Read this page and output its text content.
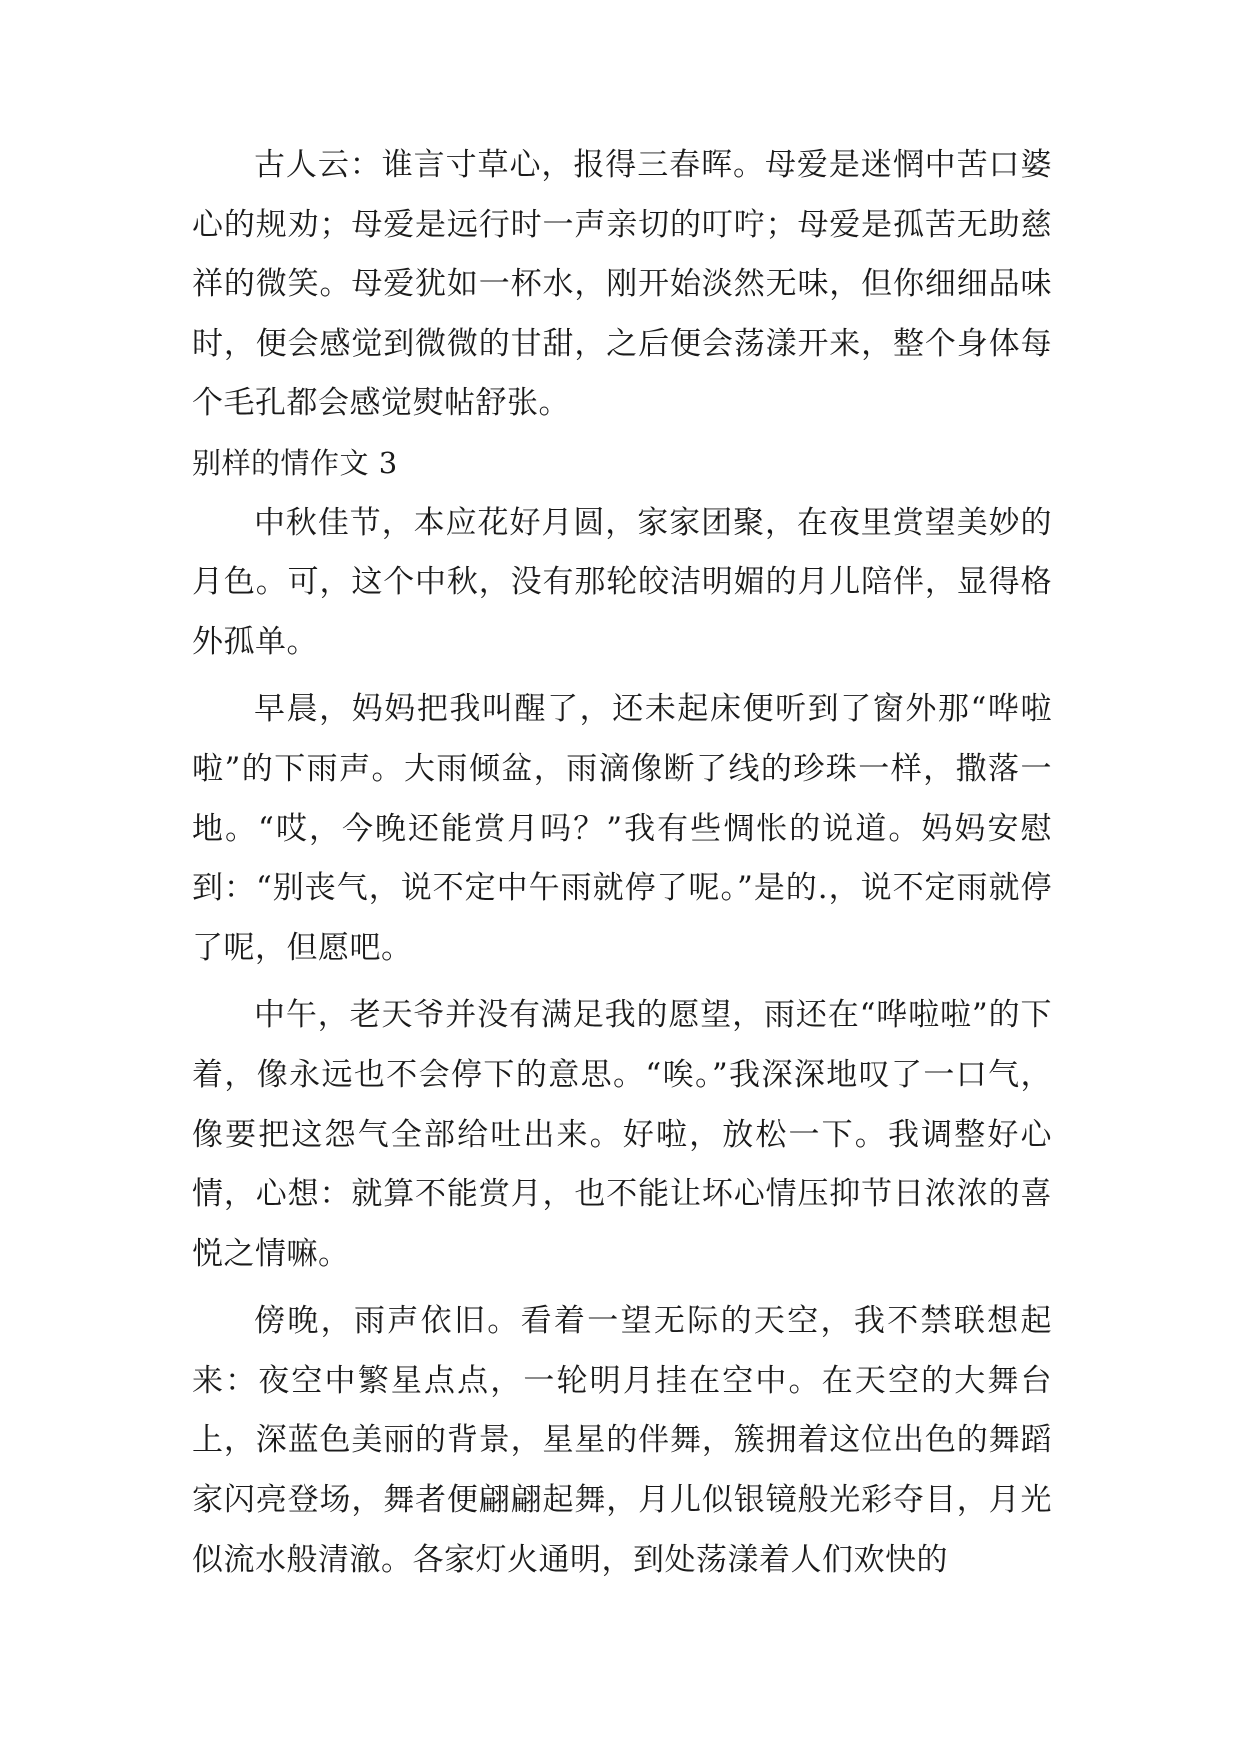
古人云：谁言寸草心，报得三春晖。母爱是迷惘中苦口婆心的规劝；母爱是远行时一声亲切的叮咛；母爱是孤苦无助慈祥的微笑。母爱犹如一杯水，刚开始淡然无味，但你细细品味时，便会感觉到微微的甘甜，之后便会荡漾开来，整个身体每个毛孔都会感觉熨帖舒张。

别样的情作文 3

中秋佳节，本应花好月圆，家家团聚，在夜里赏望美妙的月色。可，这个中秋，没有那轮皎洁明媚的月儿陪伴，显得格外孤单。

早晨，妈妈把我叫醒了，还未起床便听到了窗外那“哗啦啦”的下雨声。大雨倾盆，雨滴像断了线的珍珠一样，撒落一地。“哎，今晚还能赏月吗？”我有些惆怅的说道。妈妈安慰到：“别丧气，说不定中午雨就停了呢。”是的.，说不定雨就停了呢，但愿吧。

中午，老天爷并没有满足我的愿望，雨还在“哗啦啦”的下着，像永远也不会停下的意思。“唉。”我深深地叹了一口气，像要把这怨气全部给吐出来。好啦，放松一下。我调整好心情，心想：就算不能赏月，也不能让坏心情压抑节日浓浓的喜悦之情嘛。

傍晚，雨声依旧。看着一望无际的天空，我不禁联想起来：夜空中繁星点点，一轮明月挂在空中。在天空的大舞台上，深蓝色美丽的背景，星星的伴舞，簇拥着这位出色的舞蹈家闪亮登场，舞者便翩翩起舞，月儿似银镜般光彩夺目，月光似流水般清澈。各家灯火通明，到处荡漾着人们欢快的
